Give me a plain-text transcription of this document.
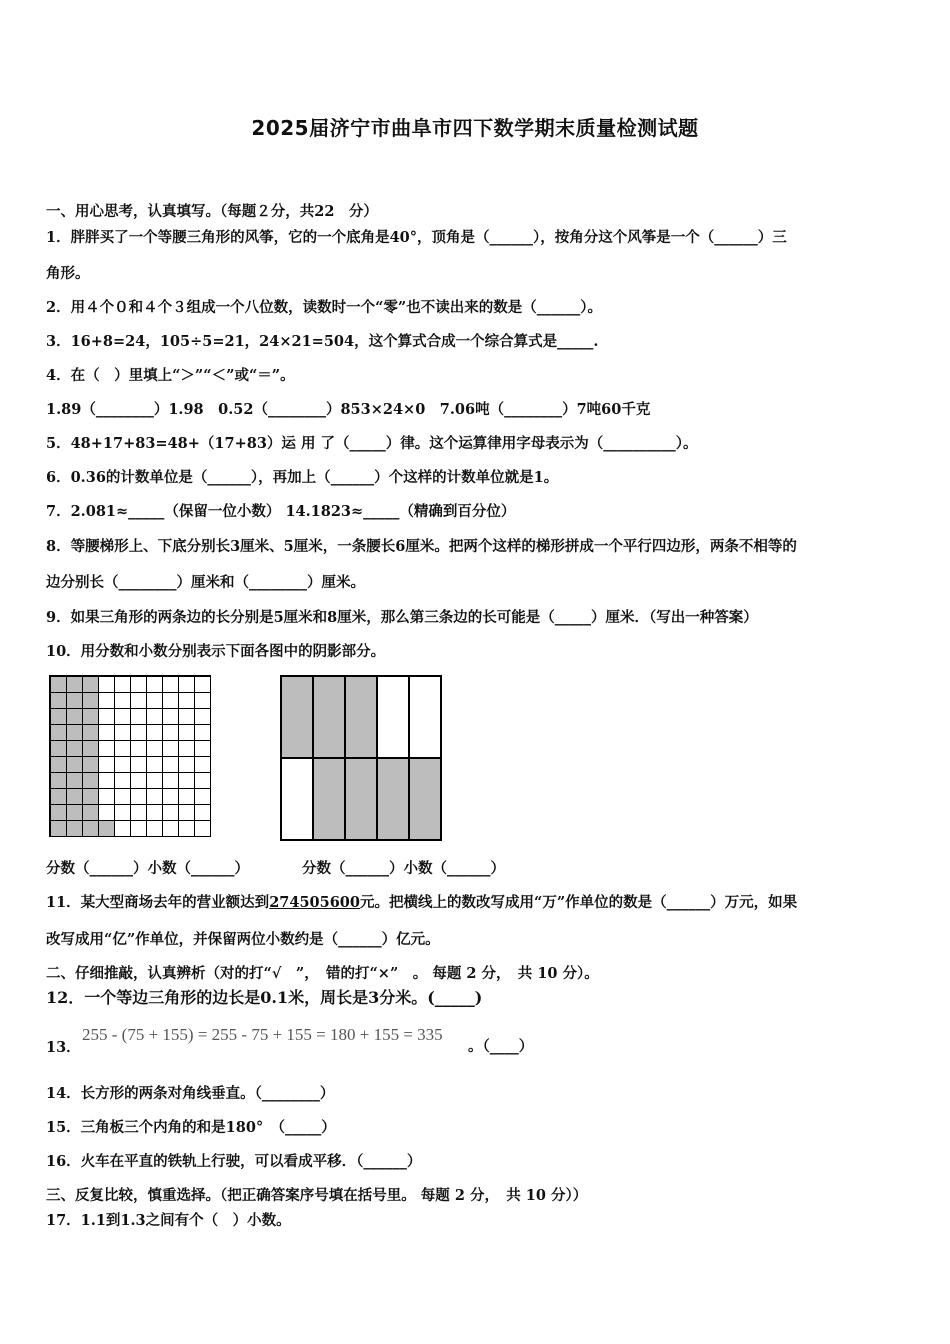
2025届济宁市曲阜市四下数学期末质量检测试题
一、用心思考，认真填写。（每题２分，共22　分）
1．胖胖买了一个等腰三角形的风筝，它的一个底角是40°，顶角是（______），按角分这个风筝是一个（______）三
角形。
2．用４个０和４个３组成一个八位数，读数时一个“零”也不读出来的数是（______）。
3．16+8=24，105÷5=21，24×21=504，这个算式合成一个综合算式是_____.
4．在（　）里填上“＞”“＜”或“＝”。
1.89（________）1.98　0.52（________）853×24×0　7.06吨（________）7吨60千克
5．48+17+83=48+（17+83）运 用 了（_____）律。这个运算律用字母表示为（__________）。
6．0.36的计数单位是（______），再加上（______）个这样的计数单位就是1。
7．2.081≈_____（保留一位小数） 14.1823≈_____（精确到百分位）
8．等腰梯形上、下底分别长3厘米、5厘米，一条腰长6厘米。把两个这样的梯形拼成一个平行四边形，两条不相等的
边分别长（________）厘米和（________）厘米。
9．如果三角形的两条边的长分别是5厘米和8厘米，那么第三条边的长可能是（_____）厘米．（写出一种答案）
10．用分数和小数分别表示下面各图中的阴影部分。
分数（______）小数（______）	分数（______）小数（______）
11．某大型商场去年的营业额达到274505600元。把横线上的数改写成用“万”作单位的数是（______）万元，如果
改写成用“亿”作单位，并保留两位小数约是（______）亿元。
二、仔细推敲，认真辨析（对的打“√　”，　错的打“×”　。 每题 2 分，　共 10 分）。
12．一个等边三角形的边长是0.1米，周长是3分米。(_____)
13．
255 - (75 + 155) = 255 - 75 + 155 = 180 + 155 = 335
。（____）
14．长方形的两条对角线垂直。（________）
15．三角板三个内角的和是180°　（_____）
16．火车在平直的铁轨上行驶，可以看成平移．（______）
三、反复比较，慎重选择。（把正确答案序号填在括号里。 每题 2 分，　共 10 分））
17．1.1到1.3之间有个（　）小数。
